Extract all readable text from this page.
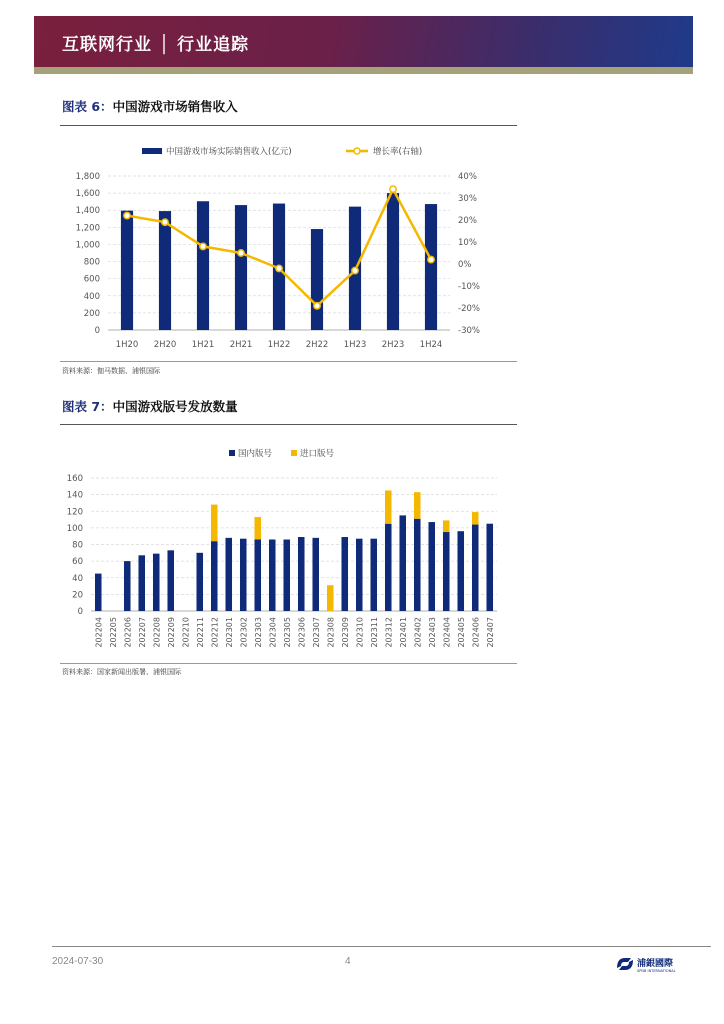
互联网行业 │ 行业追踪
图表 6：中国游戏市场销售收入
0
200
400
600
800
1,000
1,200
1,400
1,600
1,800
-30%
-20%
-10%
0%
10%
20%
30%
40%
1H20 2H20 1H21 2H21 1H22 2H22 1H23 2H23 1H24
中国游戏市场实际销售收入(亿元)	增长率(右轴)
资料来源：伽马数据、浦银国际
图表 7：中国游戏版号发放数量
0
20
40
60
80
100
120
140
160
202204 202205 202206 202207 202208 202209 202210 202211 202212 202301 202302 202303 202304 202305 202306 202307 202308 202309 202310 202311 202312 202401 202402 202403 202404 202405 202406 202407
国内版号	进口版号
资料来源：国家新闻出版署、浦银国际
2024-07-30	4	浦銀國際
SPDB INTERNATIONAL
